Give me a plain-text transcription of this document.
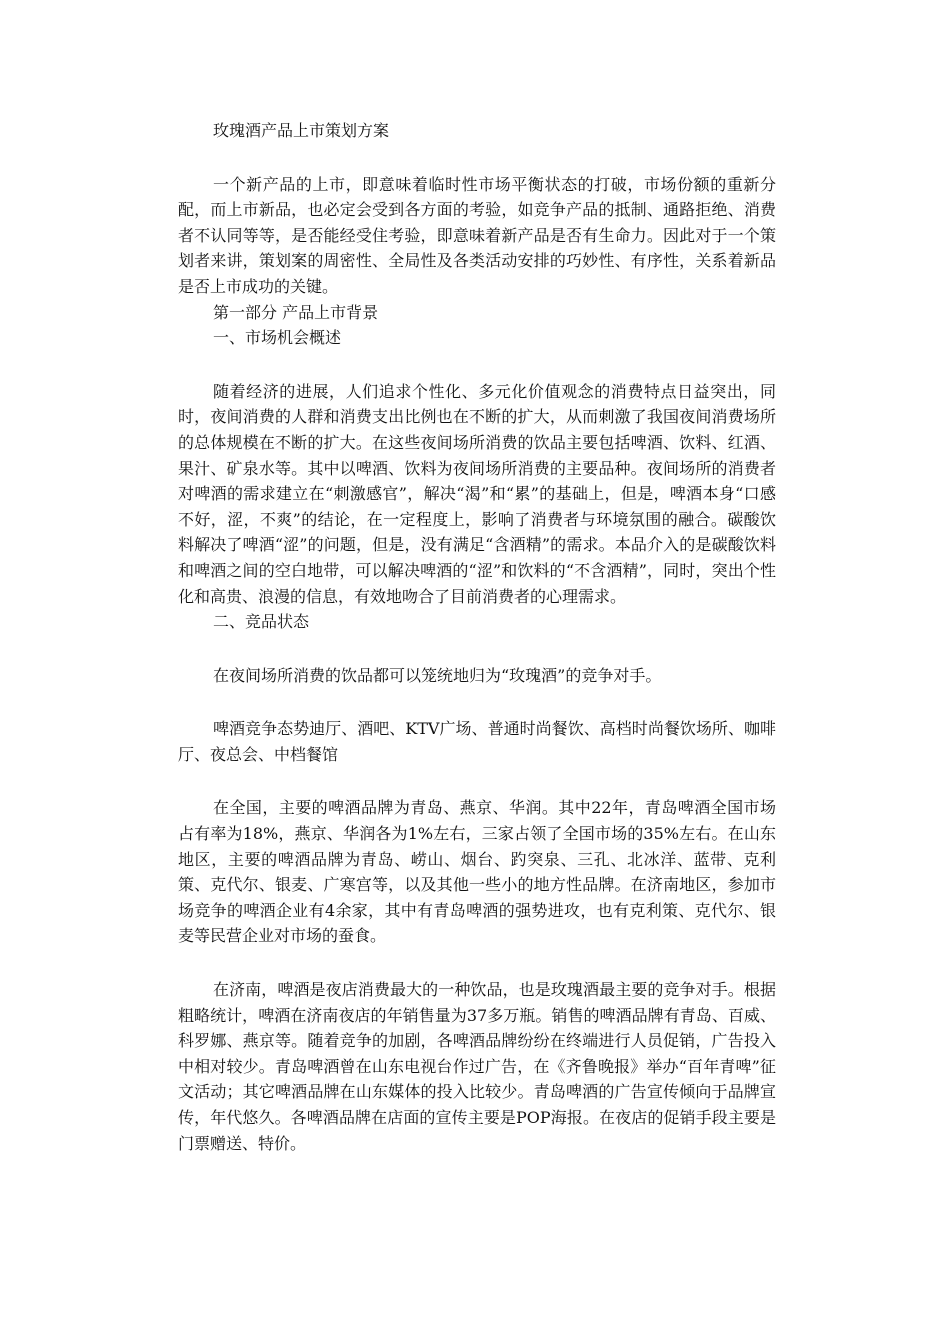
玫瑰酒产品上市策划方案

一个新产品的上市，即意味着临时性市场平衡状态的打破，市场份额的重新分配，而上市新品，也必定会受到各方面的考验，如竞争产品的抵制、通路拒绝、消费者不认同等等，是否能经受住考验，即意味着新产品是否有生命力。因此对于一个策划者来讲，策划案的周密性、全局性及各类活动安排的巧妙性、有序性，关系着新品是否上市成功的关键。

第一部分 产品上市背景

一、市场机会概述

随着经济的进展，人们追求个性化、多元化价值观念的消费特点日益突出，同时，夜间消费的人群和消费支出比例也在不断的扩大，从而刺激了我国夜间消费场所的总体规模在不断的扩大。在这些夜间场所消费的饮品主要包括啤酒、饮料、红酒、果汁、矿泉水等。其中以啤酒、饮料为夜间场所消费的主要品种。夜间场所的消费者对啤酒的需求建立在“刺激感官”，解决“渴”和“累”的基础上，但是，啤酒本身“口感不好，涩，不爽”的结论，在一定程度上，影响了消费者与环境氛围的融合。碳酸饮料解决了啤酒“涩”的问题，但是，没有满足“含酒精”的需求。本品介入的是碳酸饮料和啤酒之间的空白地带，可以解决啤酒的“涩”和饮料的“不含酒精”，同时，突出个性化和高贵、浪漫的信息，有效地吻合了目前消费者的心理需求。

二、竞品状态

在夜间场所消费的饮品都可以笼统地归为“玫瑰酒”的竞争对手。

啤酒竞争态势迪厅、酒吧、KTV广场、普通时尚餐饮、高档时尚餐饮场所、咖啡厅、夜总会、中档餐馆

在全国，主要的啤酒品牌为青岛、燕京、华润。其中22年，青岛啤酒全国市场占有率为18%，燕京、华润各为1%左右，三家占领了全国市场的35%左右。在山东地区，主要的啤酒品牌为青岛、崂山、烟台、趵突泉、三孔、北冰洋、蓝带、克利策、克代尔、银麦、广寒宫等，以及其他一些小的地方性品牌。在济南地区，参加市场竞争的啤酒企业有4余家，其中有青岛啤酒的强势进攻，也有克利策、克代尔、银麦等民营企业对市场的蚕食。

在济南，啤酒是夜店消费最大的一种饮品，也是玫瑰酒最主要的竞争对手。根据粗略统计，啤酒在济南夜店的年销售量为37多万瓶。销售的啤酒品牌有青岛、百威、科罗娜、燕京等。随着竞争的加剧，各啤酒品牌纷纷在终端进行人员促销，广告投入中相对较少。青岛啤酒曾在山东电视台作过广告，在《齐鲁晚报》举办“百年青啤”征文活动；其它啤酒品牌在山东媒体的投入比较少。青岛啤酒的广告宣传倾向于品牌宣传，年代悠久。各啤酒品牌在店面的宣传主要是POP海报。在夜店的促销手段主要是门票赠送、特价。
